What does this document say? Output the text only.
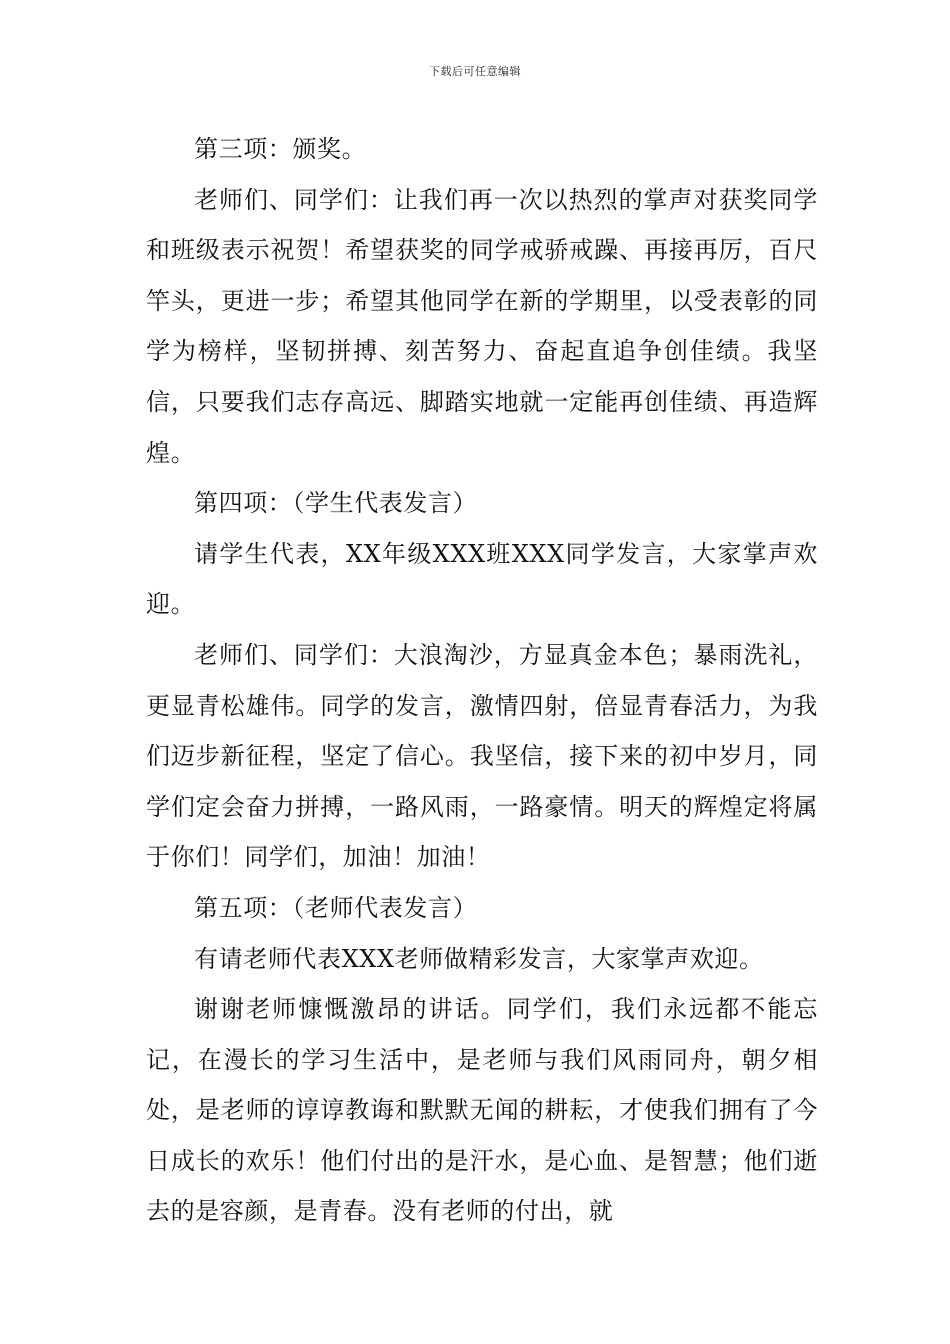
下载后可任意编辑

第三项：颁奖。

老师们、同学们：让我们再一次以热烈的掌声对获奖同学和班级表示祝贺！希望获奖的同学戒骄戒躁、再接再厉，百尺竿头，更进一步；希望其他同学在新的学期里，以受表彰的同学为榜样，坚韧拼搏、刻苦努力、奋起直追争创佳绩。我坚信，只要我们志存高远、脚踏实地就一定能再创佳绩、再造辉煌。

第四项：（学生代表发言）

请学生代表，XX年级XXX班XXX同学发言，大家掌声欢迎。

老师们、同学们：大浪淘沙，方显真金本色；暴雨洗礼，更显青松雄伟。同学的发言，激情四射，倍显青春活力，为我们迈步新征程，坚定了信心。我坚信，接下来的初中岁月，同学们定会奋力拼搏，一路风雨，一路豪情。明天的辉煌定将属于你们！同学们，加油！加油！

第五项：（老师代表发言）

有请老师代表XXX老师做精彩发言，大家掌声欢迎。

谢谢老师慷慨激昂的讲话。同学们，我们永远都不能忘记，在漫长的学习生活中，是老师与我们风雨同舟，朝夕相处，是老师的谆谆教诲和默默无闻的耕耘，才使我们拥有了今日成长的欢乐！他们付出的是汗水，是心血、是智慧；他们逝去的是容颜，是青春。没有老师的付出，就
